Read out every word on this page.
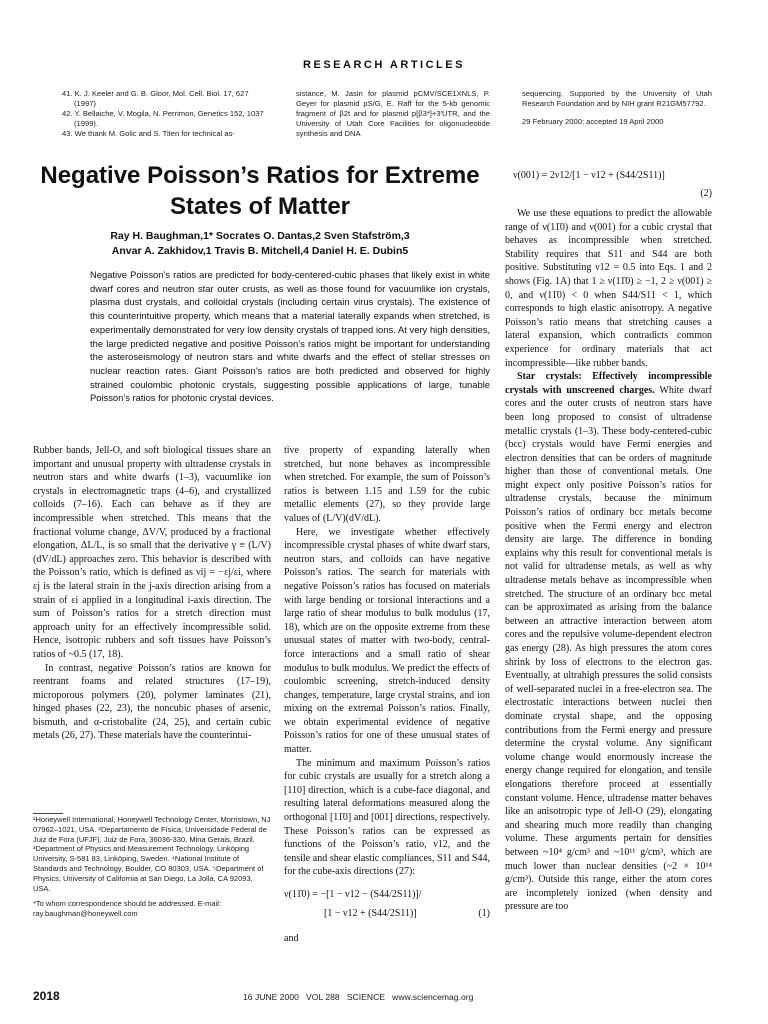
RESEARCH ARTICLES

41. K. J. Keeler and G. B. Gloor, Mol. Cell. Biol. 17, 627 (1997)

42. Y. Bellaiche, V. Mogila, N. Perrimon, Genetics 152, 1037 (1999).

43. We thank M. Golic and S. Titen for technical as-

sistance, M. Jasin for plasmid pCMV/SCE1XNLS, P. Geyer for plasmid pS/G, E. Raff for the 5-kb genomic fragment of β2t and for plasmid p[β3*]+3′UTR, and the University of Utah Core Facilities for oligonucleotide synthesis and DNA

sequencing. Supported by the University of Utah Research Foundation and by NIH grant R21GM57792.

29 February 2000; accepted 19 April 2000

Negative Poisson’s Ratios for Extreme States of Matter
Ray H. Baughman,1* Socrates O. Dantas,2 Sven Stafström,3
Anvar A. Zakhidov,1 Travis B. Mitchell,4 Daniel H. E. Dubin5
Negative Poisson’s ratios are predicted for body-centered-cubic phases that likely exist in white dwarf cores and neutron star outer crusts, as well as those found for vacuumlike ion crystals, plasma dust crystals, and colloidal crystals (including certain virus crystals). The existence of this counterintuitive property, which means that a material laterally expands when stretched, is experimentally demonstrated for very low density crystals of trapped ions. At very high densities, the large predicted negative and positive Poisson’s ratios might be important for understanding the asteroseismology of neutron stars and white dwarfs and the effect of stellar stresses on nuclear reaction rates. Giant Poisson’s ratios are both predicted and observed for highly strained coulombic photonic crystals, suggesting possible applications of large, tunable Poisson’s ratios for photonic crystal devices.

Rubber bands, Jell-O, and soft biological tissues share an important and unusual property with ultradense crystals in neutron stars and white dwarfs (1–3), vacuumlike ion crystals in electromagnetic traps (4–6), and crystallized colloids (7–16). Each can behave as if they are incompressible when stretched. This means that the fractional volume change, ΔV/V, produced by a fractional elongation, ΔL/L, is so small that the derivative γ ≡ (L/V)(dV/dL) approaches zero. This behavior is described with the Poisson’s ratio, which is defined as νij = −εj/εi, where εj is the lateral strain in the j-axis direction arising from a strain of εi applied in a longitudinal i-axis direction. The sum of Poisson’s ratios for a stretch direction must approach unity for an effectively incompressible solid. Hence, isotropic rubbers and soft tissues have Poisson’s ratios of ~0.5 (17, 18).

In contrast, negative Poisson’s ratios are known for reentrant foams and related structures (17–19), microporous polymers (20), polymer laminates (21), hinged phases (22, 23), the noncubic phases of arsenic, bismuth, and α-cristobalite (24, 25), and certain cubic metals (26, 27). These materials have the counterintui-

¹Honeywell International, Honeywell Technology Center, Morristown, NJ 07962–1021, USA. ²Departamento de Física, Universidade Federal de Juiz de Fora (UFJF), Juiz de Fora, 36036-330, Mina Gerais, Brazil. ³Department of Physics and Measurement Technology, Linköping University, S-581 83, Linköping, Sweden. ⁴National Institute of Standards and Technology, Boulder, CO 80303, USA. ⁵Department of Physics, University of California at San Diego, La Jolla, CA 92093, USA.

*To whom correspondence should be addressed. E-mail: ray.baughman@honeywell.com

tive property of expanding laterally when stretched, but none behaves as incompressible when stretched. For example, the sum of Poisson’s ratios is between 1.15 and 1.59 for the cubic metallic elements (27), so they provide large values of (L/V)(dV/dL).

Here, we investigate whether effectively incompressible crystal phases of white dwarf stars, neutron stars, and colloids can have negative Poisson’s ratios. The search for materials with negative Poisson’s ratios has focused on materials with large bending or torsional interactions and a large ratio of shear modulus to bulk modulus (17, 18), which are on the opposite extreme from these unusual states of matter with two-body, central-force interactions and a small ratio of shear modulus to bulk modulus. We predict the effects of coulombic screening, stretch-induced density changes, temperature, large crystal strains, and ion mixing on the extremal Poisson’s ratios. Finally, we obtain experimental evidence of negative Poisson’s ratios for one of these unusual states of matter.

The minimum and maximum Poisson’s ratios for cubic crystals are usually for a stretch along a [110] direction, which is a cube-face diagonal, and resulting lateral deformations measured along the orthogonal [11̄0] and [001] directions, respectively. These Poisson’s ratios can be expressed as functions of the Poisson’s ratio, ν12, and the tensile and shear elastic compliances, S11 and S44, for the cube-axis directions (27):

ν(11̄0) = −[1 − ν12 − (S44/2S11)]/
[1 − ν12 + (S44/2S11)]	(1)
and
ν(001) = 2ν12/[1 − ν12 + (S44/2S11)]
(2)

We use these equations to predict the allowable range of ν(11̄0) and ν(001) for a cubic crystal that behaves as incompressible when stretched. Stability requires that S11 and S44 are both positive. Substituting ν12 = 0.5 into Eqs. 1 and 2 shows (Fig. 1A) that 1 ≥ ν(11̄0) ≥ −1, 2 ≥ ν(001) ≥ 0, and ν(11̄0) < 0 when S44/S11 < 1, which corresponds to high elastic anisotropy. A negative Poisson’s ratio means that stretching causes a lateral expansion, which contradicts common experience for ordinary materials that act incompressible—like rubber bands.

Star crystals: Effectively incompressible crystals with unscreened charges. White dwarf cores and the outer crusts of neutron stars have been long proposed to consist of ultradense metallic crystals (1–3). These body-centered-cubic (bcc) crystals would have Fermi energies and electron densities that can be orders of magnitude higher than those of conventional metals. One might expect only positive Poisson’s ratios for ultradense crystals, because the minimum Poisson’s ratios of ordinary bcc metals become positive when the Fermi energy and electron density are large. The difference in bonding explains why this result for conventional metals is not valid for ultradense metals, as well as why ultradense metals behave as incompressible when stretched. The structure of an ordinary bcc metal can be approximated as arising from the balance between an attractive interaction between atom cores and the repulsive volume-dependent electron gas energy (28). As high pressures the atom cores shrink by loss of electrons to the electron gas. Eventually, at ultrahigh pressures the solid consists of well-separated nuclei in a free-electron sea. The electrostatic interactions between nuclei then dominate crystal shape, and the opposing contributions from the Fermi energy and pressure determine the crystal volume. Any significant volume change would enormously increase the energy change required for elongation, and tensile elongations therefore proceed at essentially constant volume. Hence, ultradense matter behaves like an anisotropic type of Jell-O (29), elongating and shearing much more readily than changing volume. These arguments pertain for densities between ~10⁴ g/cm³ and ~10¹¹ g/cm³, which are much lower than nuclear densities (~2 × 10¹⁴ g/cm³). Outside this range, either the atom cores are incompletely ionized (when density and pressure are too

2018	16 JUNE 2000   VOL 288   SCIENCE   www.sciencemag.org
